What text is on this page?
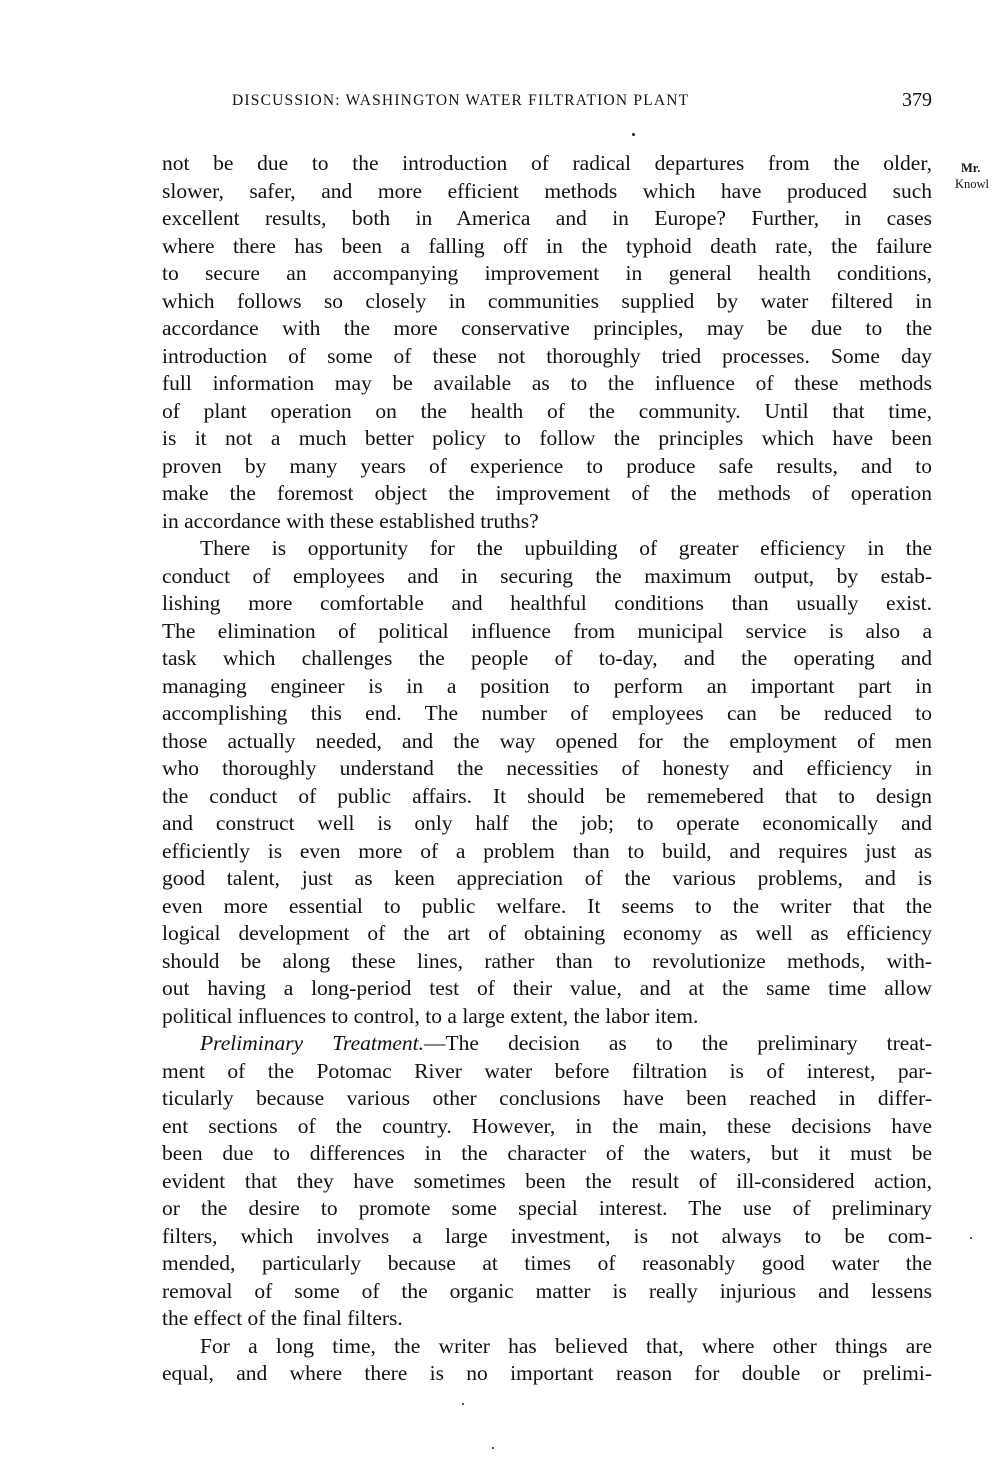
DISCUSSION: WASHINGTON WATER FILTRATION PLANT	379
Mr.
Knowl
not be due to the introduction of radical departures from the older,
slower, safer, and more efficient methods which have produced such
excellent results, both in America and in Europe? Further, in cases
where there has been a falling off in the typhoid death rate, the failure
to secure an accompanying improvement in general health conditions,
which follows so closely in communities supplied by water filtered in
accordance with the more conservative principles, may be due to the
introduction of some of these not thoroughly tried processes. Some day
full information may be available as to the influence of these methods
of plant operation on the health of the community. Until that time,
is it not a much better policy to follow the principles which have been
proven by many years of experience to produce safe results, and to
make the foremost object the improvement of the methods of operation
in accordance with these established truths?
There is opportunity for the upbuilding of greater efficiency in the
conduct of employees and in securing the maximum output, by estab-
lishing more comfortable and healthful conditions than usually exist.
The elimination of political influence from municipal service is also a
task which challenges the people of to-day, and the operating and
managing engineer is in a position to perform an important part in
accomplishing this end. The number of employees can be reduced to
those actually needed, and the way opened for the employment of men
who thoroughly understand the necessities of honesty and efficiency in
the conduct of public affairs. It should be rememebered that to design
and construct well is only half the job; to operate economically and
efficiently is even more of a problem than to build, and requires just as
good talent, just as keen appreciation of the various problems, and is
even more essential to public welfare. It seems to the writer that the
logical development of the art of obtaining economy as well as efficiency
should be along these lines, rather than to revolutionize methods, with-
out having a long-period test of their value, and at the same time allow
political influences to control, to a large extent, the labor item.
Preliminary Treatment.—The decision as to the preliminary treat-
ment of the Potomac River water before filtration is of interest, par-
ticularly because various other conclusions have been reached in differ-
ent sections of the country. However, in the main, these decisions have
been due to differences in the character of the waters, but it must be
evident that they have sometimes been the result of ill-considered action,
or the desire to promote some special interest. The use of preliminary
filters, which involves a large investment, is not always to be com-
mended, particularly because at times of reasonably good water the
removal of some of the organic matter is really injurious and lessens
the effect of the final filters.
For a long time, the writer has believed that, where other things are
equal, and where there is no important reason for double or prelimi-
